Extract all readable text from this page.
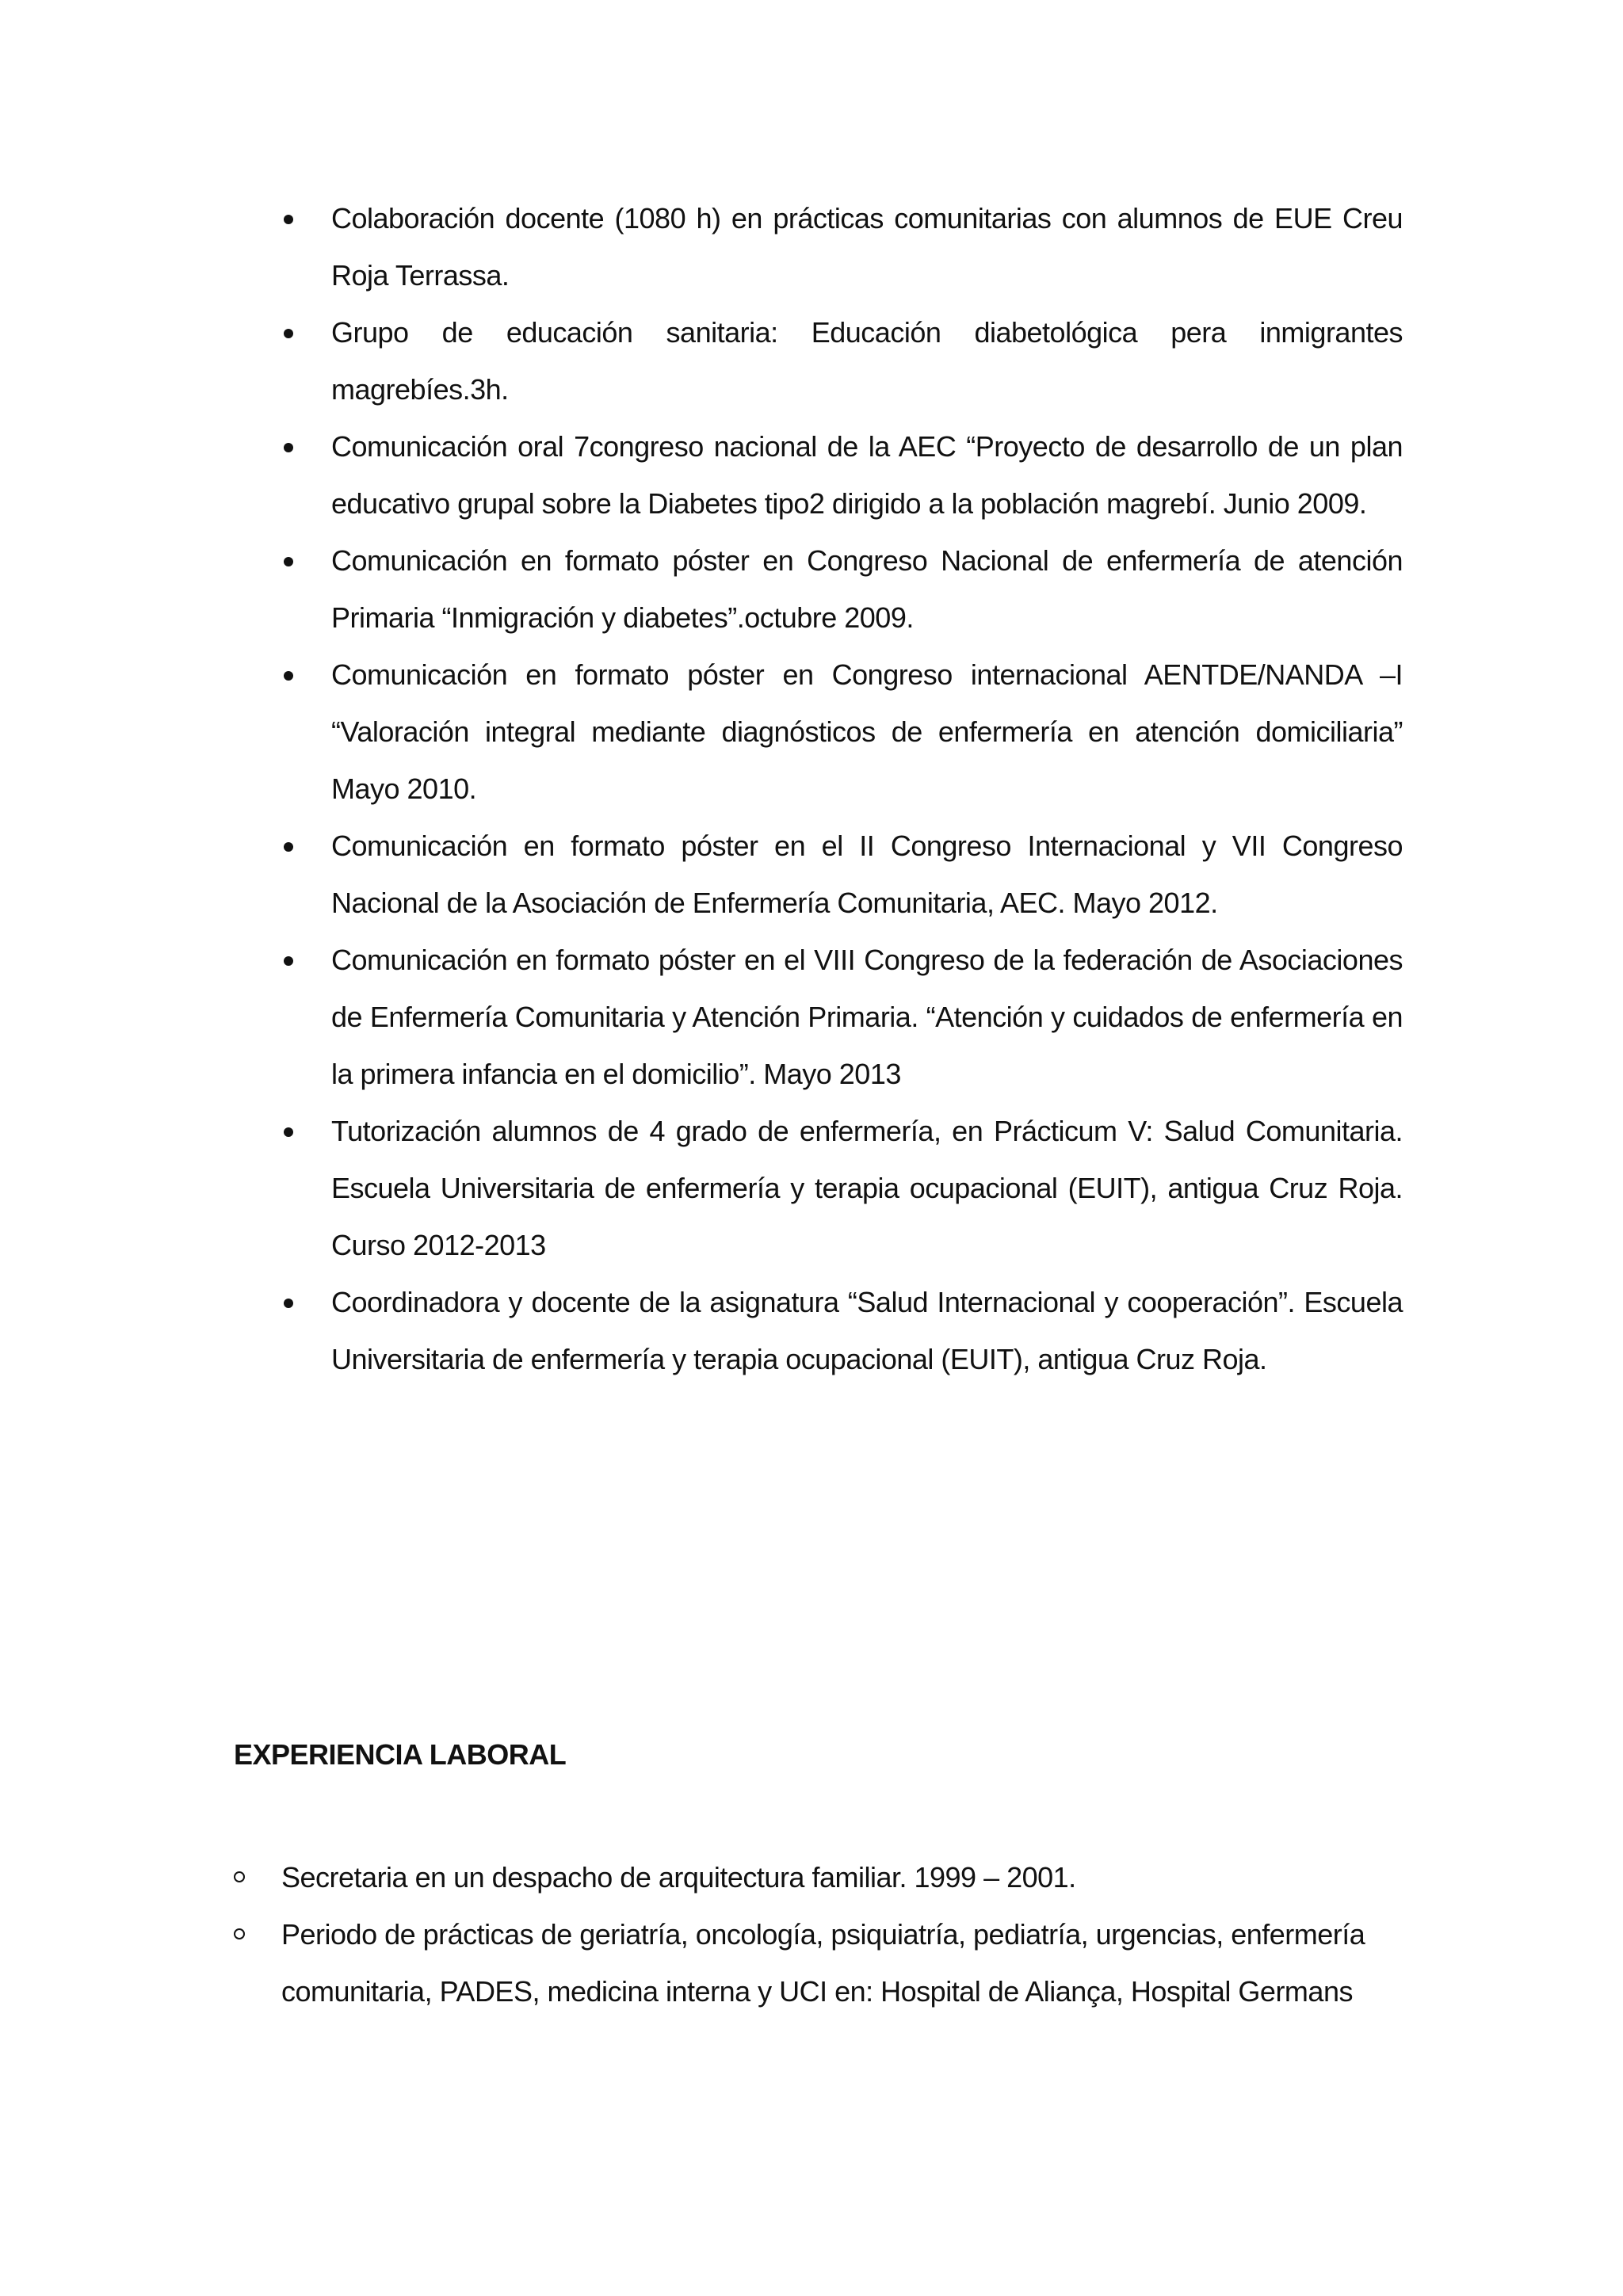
Colaboración docente (1080 h) en prácticas comunitarias con alumnos de EUE Creu Roja Terrassa.
Grupo de educación sanitaria: Educación diabetológica pera inmigrantes magrebíes.3h.
Comunicación oral 7congreso nacional de la AEC “Proyecto de desarrollo de un plan educativo grupal sobre la Diabetes tipo2 dirigido a la población magrebí. Junio 2009.
Comunicación en formato póster en Congreso Nacional de enfermería de atención Primaria “Inmigración y diabetes”.octubre 2009.
Comunicación en formato póster en Congreso internacional AENTDE/NANDA –I “Valoración integral mediante diagnósticos de enfermería en atención domiciliaria” Mayo 2010.
Comunicación en formato póster en el II Congreso Internacional y VII Congreso Nacional de la Asociación de Enfermería Comunitaria, AEC. Mayo 2012.
Comunicación en formato póster en el VIII Congreso de la federación de Asociaciones de Enfermería Comunitaria y Atención Primaria. “Atención y cuidados de enfermería en la primera infancia en el domicilio”. Mayo 2013
Tutorización alumnos de 4 grado de enfermería, en Prácticum V: Salud Comunitaria. Escuela Universitaria de enfermería y terapia ocupacional (EUIT), antigua Cruz Roja. Curso 2012-2013
Coordinadora y docente de la asignatura “Salud Internacional y cooperación”. Escuela Universitaria de enfermería y terapia ocupacional (EUIT), antigua Cruz Roja.
EXPERIENCIA LABORAL
Secretaria en un despacho de arquitectura familiar. 1999 – 2001.
Periodo de prácticas de geriatría, oncología, psiquiatría, pediatría, urgencias, enfermería comunitaria, PADES, medicina interna y UCI en: Hospital de Aliança, Hospital Germans
